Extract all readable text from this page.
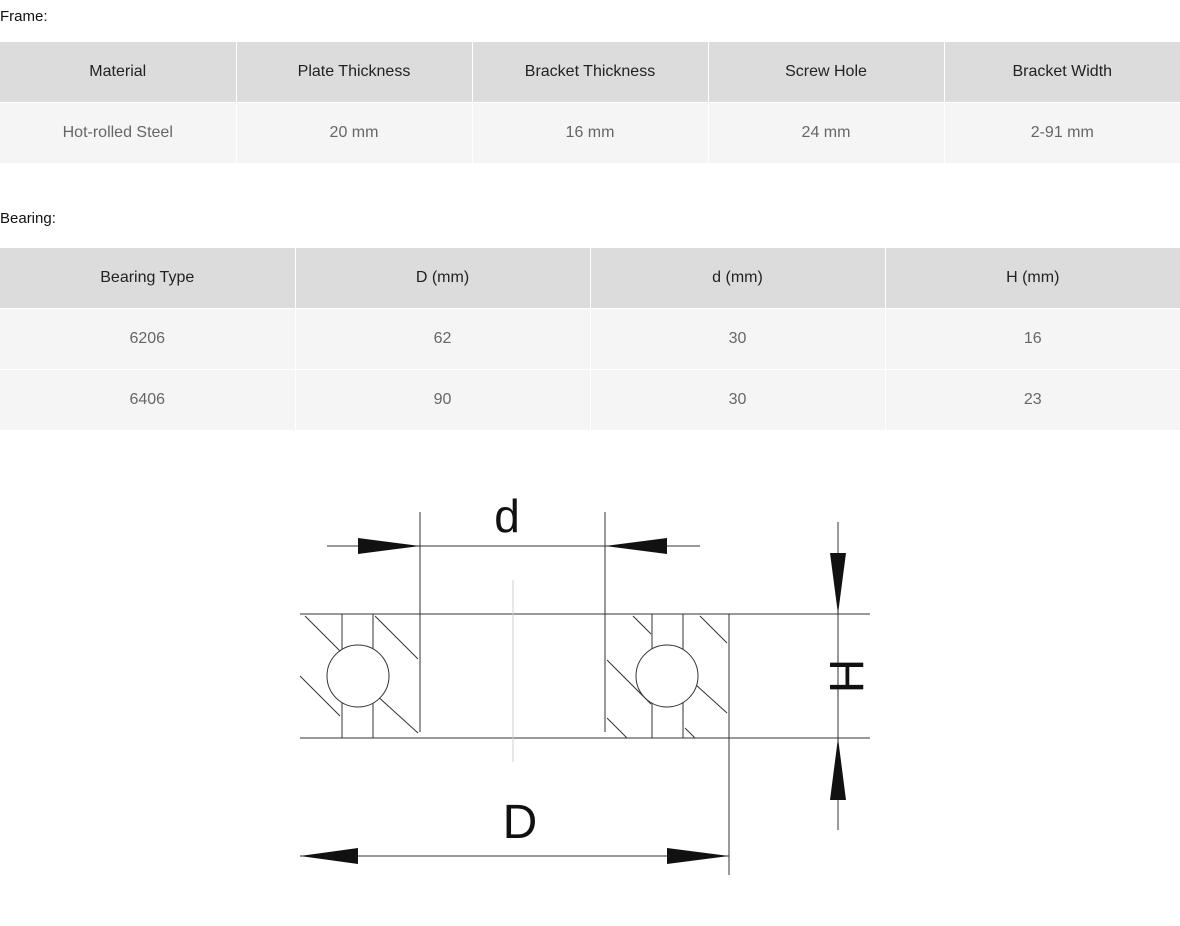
Frame:
Material	Plate Thickness	Bracket Thickness	Screw Hole	Bracket Width
Hot-rolled Steel	20 mm	16 mm	24 mm	2-91 mm
Bearing:
Bearing Type	D (mm)	d (mm)	H (mm)
6206	62	30	16
6406	90	30	23
d
D
H
